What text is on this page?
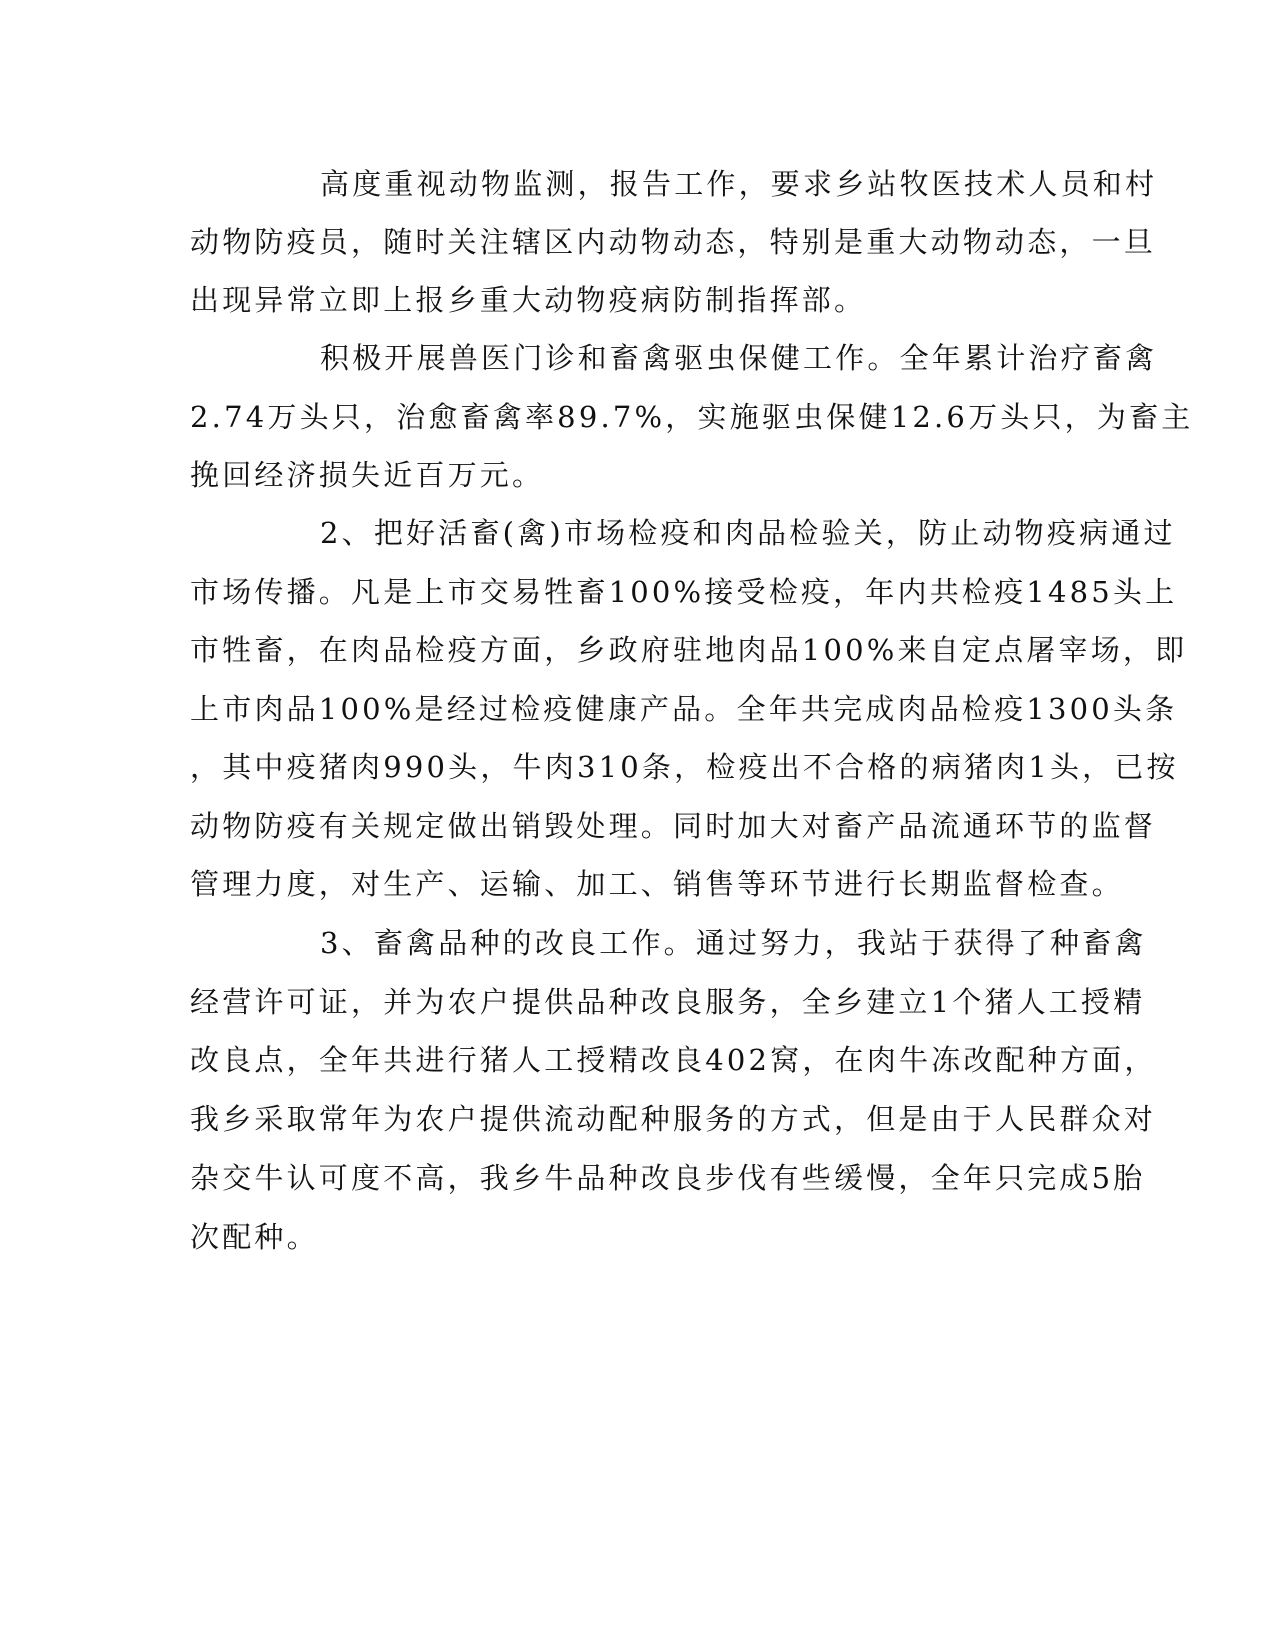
高度重视动物监测，报告工作，要求乡站牧医技术人员和村
动物防疫员，随时关注辖区内动物动态，特别是重大动物动态，一旦
出现异常立即上报乡重大动物疫病防制指挥部。
积极开展兽医门诊和畜禽驱虫保健工作。全年累计治疗畜禽
2.74万头只，治愈畜禽率89.7%，实施驱虫保健12.6万头只，为畜主
挽回经济损失近百万元。
2、把好活畜(禽)市场检疫和肉品检验关，防止动物疫病通过
市场传播。凡是上市交易牲畜100%接受检疫，年内共检疫1485头上
市牲畜，在肉品检疫方面，乡政府驻地肉品100%来自定点屠宰场，即
上市肉品100%是经过检疫健康产品。全年共完成肉品检疫1300头条
，其中疫猪肉990头，牛肉310条，检疫出不合格的病猪肉1头，已按
动物防疫有关规定做出销毁处理。同时加大对畜产品流通环节的监督
管理力度，对生产、运输、加工、销售等环节进行长期监督检查。
3、畜禽品种的改良工作。通过努力，我站于获得了种畜禽
经营许可证，并为农户提供品种改良服务，全乡建立1个猪人工授精
改良点，全年共进行猪人工授精改良402窝，在肉牛冻改配种方面，
我乡采取常年为农户提供流动配种服务的方式，但是由于人民群众对
杂交牛认可度不高，我乡牛品种改良步伐有些缓慢，全年只完成5胎
次配种。
